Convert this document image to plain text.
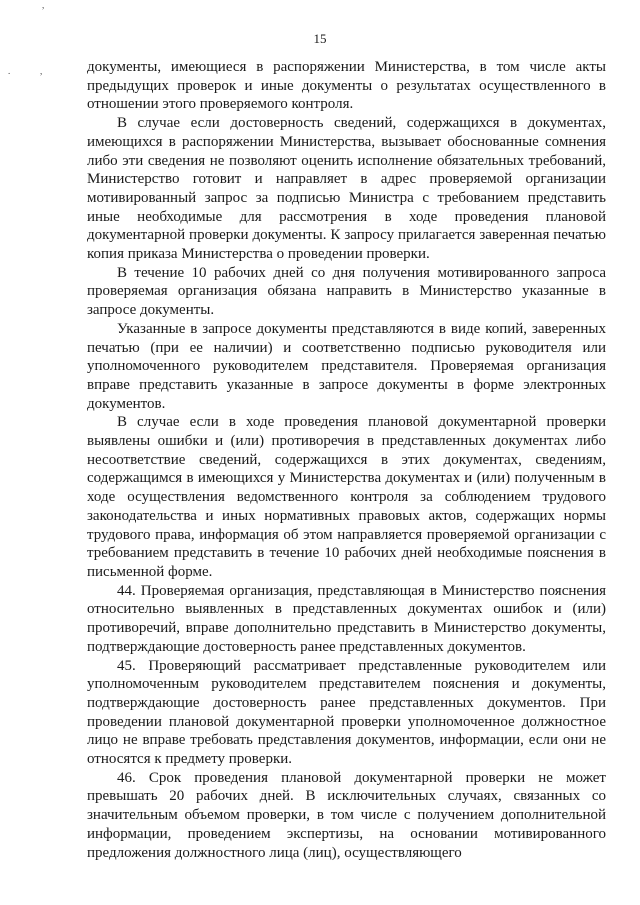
,
.	,
15

документы, имеющиеся в распоряжении Министерства, в том числе акты предыдущих проверок и иные документы о результатах осуществленного в отношении этого проверяемого контроля.

В случае если достоверность сведений, содержащихся в документах, имеющихся в распоряжении Министерства, вызывает обоснованные сомнения либо эти сведения не позволяют оценить исполнение обязательных требований, Министерство готовит и направляет в адрес проверяемой организации мотивированный запрос за подписью Министра с требованием представить иные необходимые для рассмотрения в ходе проведения плановой документарной проверки документы. К запросу прилагается заверенная печатью копия приказа Министерства о проведении проверки.

В течение 10 рабочих дней со дня получения мотивированного запроса проверяемая организация обязана направить в Министерство указанные в запросе документы.

Указанные в запросе документы представляются в виде копий, заверенных печатью (при ее наличии) и соответственно подписью руководителя или уполномоченного руководителем представителя. Проверяемая организация вправе представить указанные в запросе документы в форме электронных документов.

В случае если в ходе проведения плановой документарной проверки выявлены ошибки и (или) противоречия в представленных документах либо несоответствие сведений, содержащихся в этих документах, сведениям, содержащимся в имеющихся у Министерства документах и (или) полученным в ходе осуществления ведомственного контроля за соблюдением трудового законодательства и иных нормативных правовых актов, содержащих нормы трудового права, информация об этом направляется проверяемой организации с требованием представить в течение 10 рабочих дней необходимые пояснения в письменной форме.

44. Проверяемая организация, представляющая в Министерство пояснения относительно выявленных в представленных документах ошибок и (или) противоречий, вправе дополнительно представить в Министерство документы, подтверждающие достоверность ранее представленных документов.

45. Проверяющий рассматривает представленные руководителем или уполномоченным руководителем представителем пояснения и документы, подтверждающие достоверность ранее представленных документов. При проведении плановой документарной проверки уполномоченное должностное лицо не вправе требовать представления документов, информации, если они не относятся к предмету проверки.

46. Срок проведения плановой документарной проверки не может превышать 20 рабочих дней. В исключительных случаях, связанных со значительным объемом проверки, в том числе с получением дополнительной информации, проведением экспертизы, на основании мотивированного предложения должностного лица (лиц), осуществляющего
